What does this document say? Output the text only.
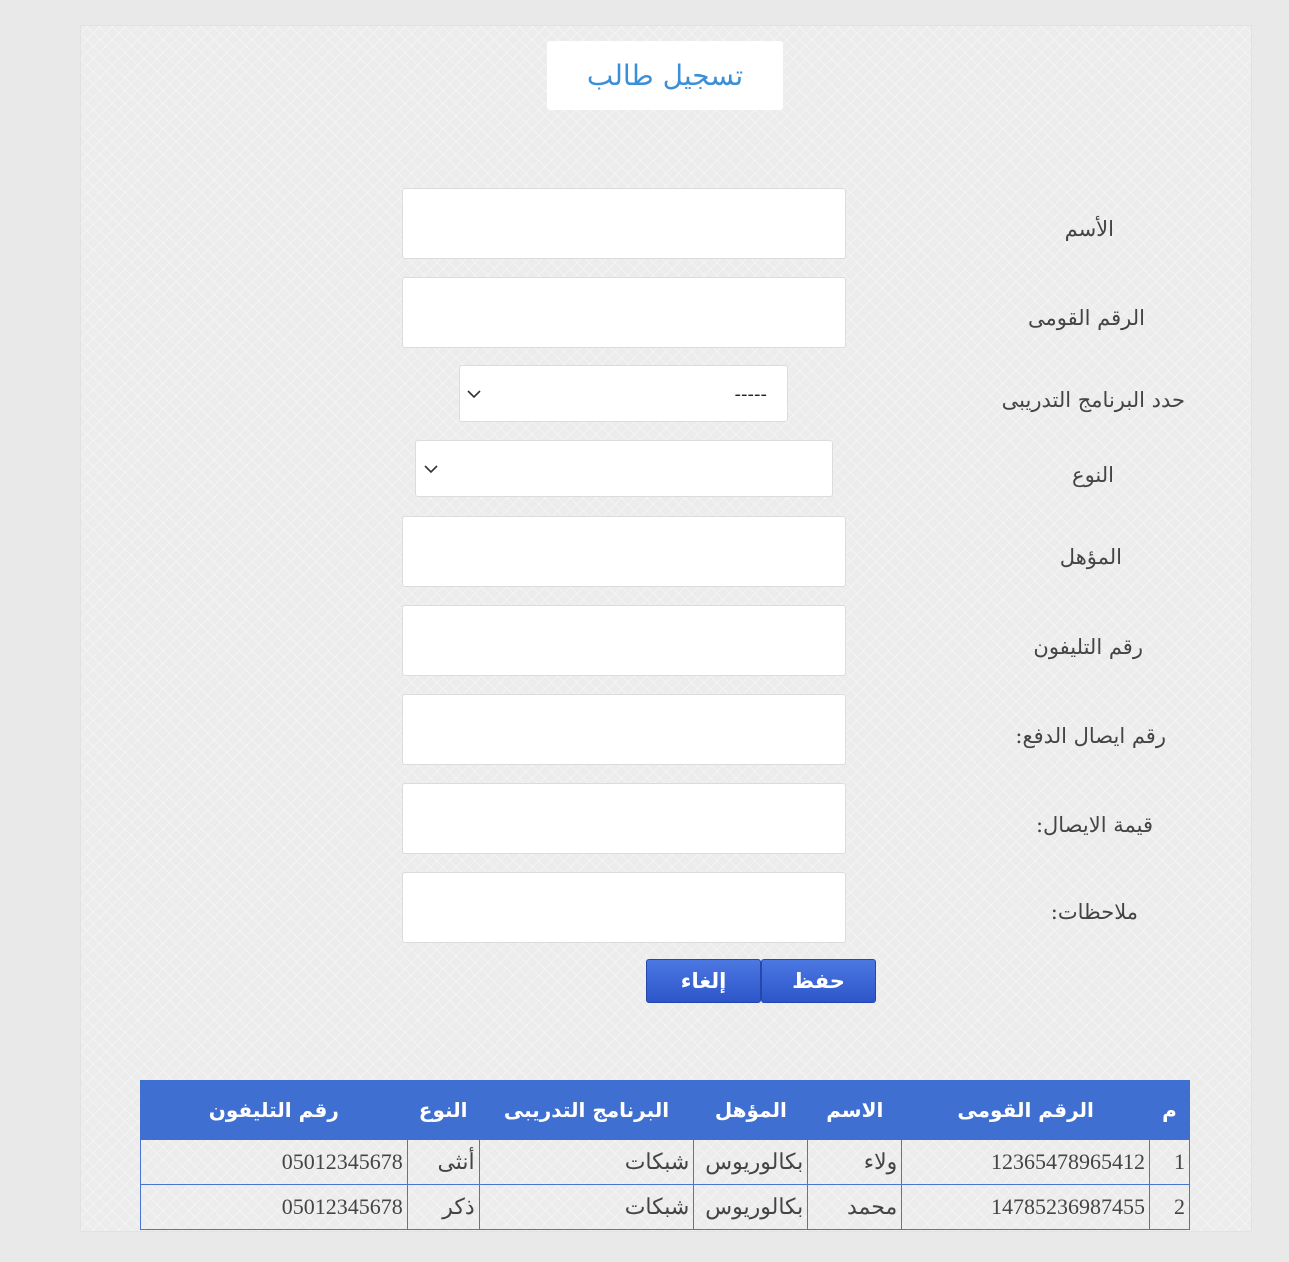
تسجيل طالب
الأسم
الرقم القومى
حدد البرنامج التدريبى
النوع
المؤهل
رقم التليفون
رقم ايصال الدفع:
قيمة الايصال:
ملاحظات:
-----
حفظ
إلغاء
م	الرقم القومى	الاسم	المؤهل	البرنامج التدريبى	النوع	رقم التليفون
1	12365478965412	ولاء	بكالوريوس	شبكات	أنثى	05012345678
2	14785236987455	محمد	بكالوريوس	شبكات	ذكر	05012345678
